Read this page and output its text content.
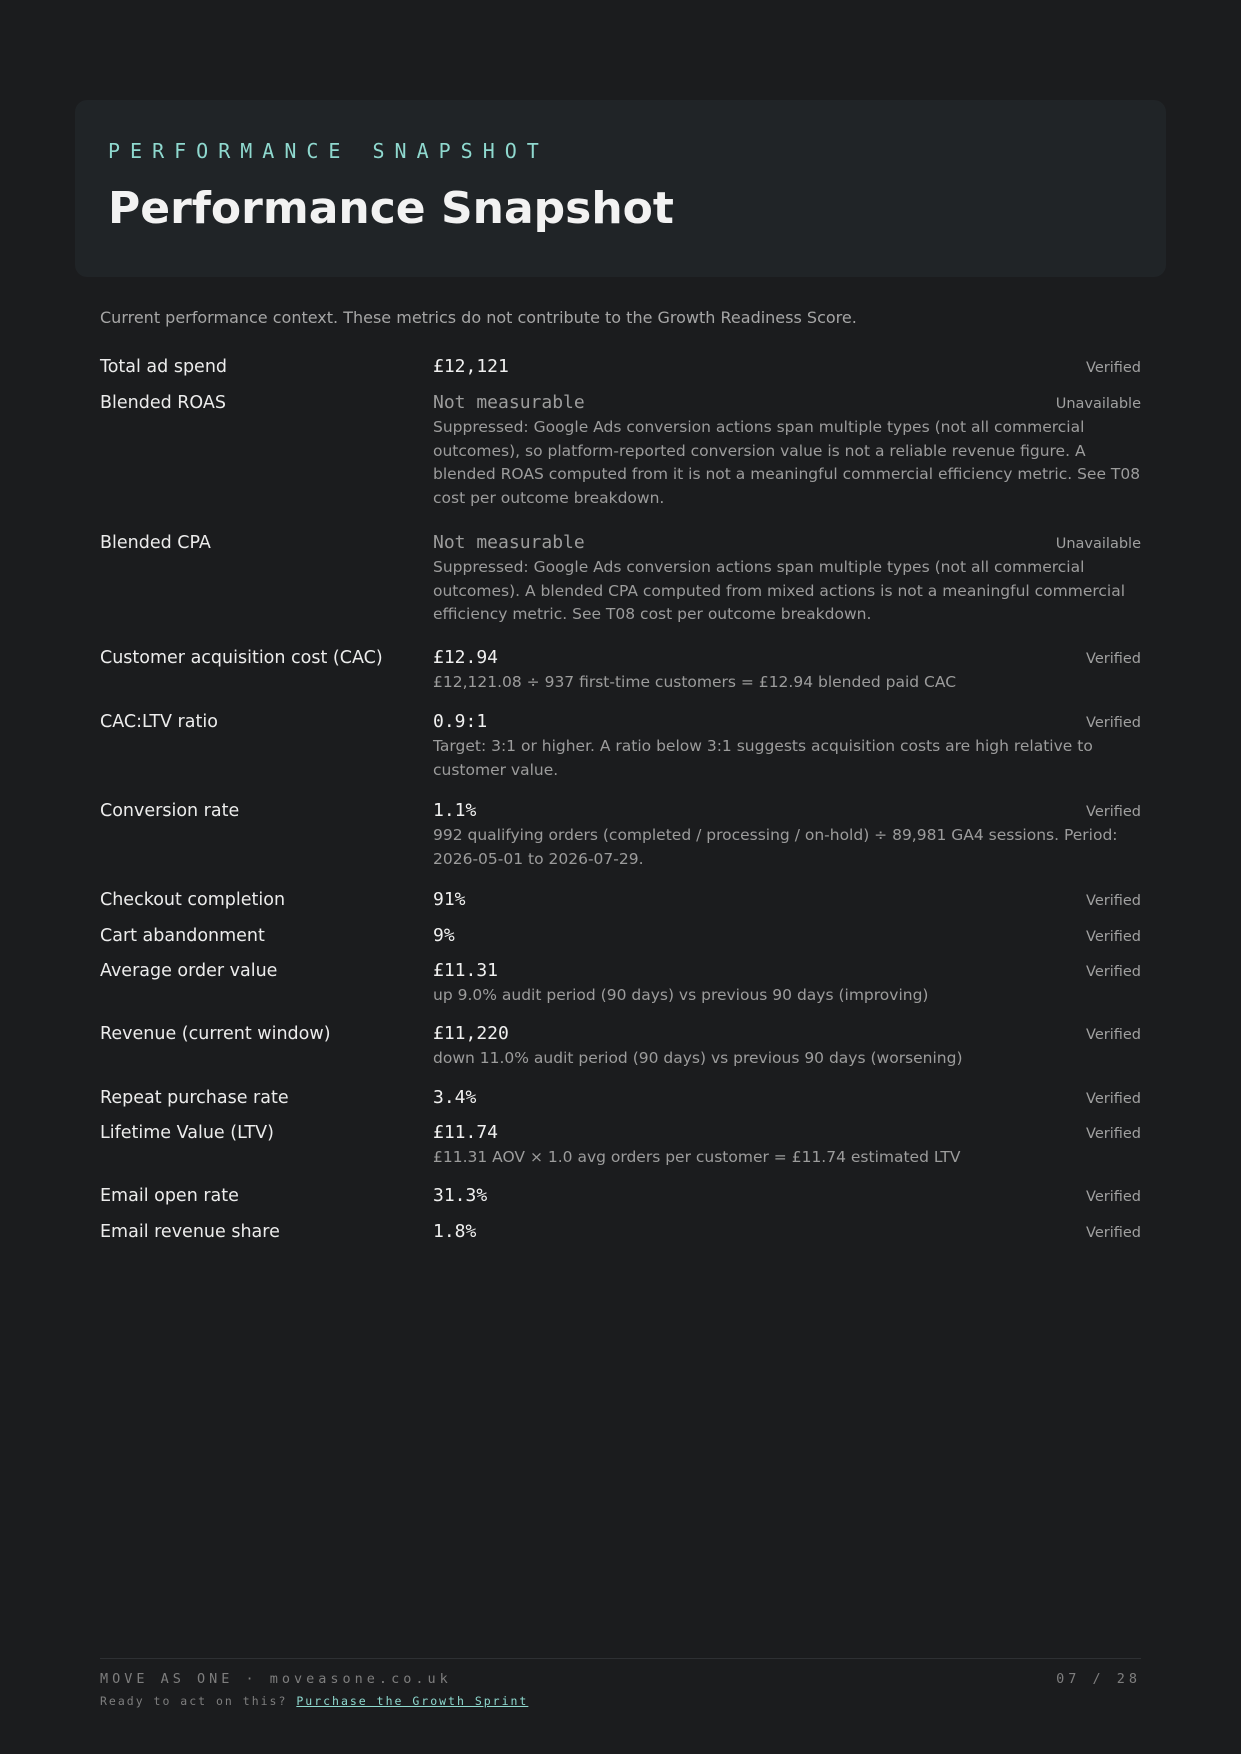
PERFORMANCE SNAPSHOT
Performance Snapshot
Current performance context. These metrics do not contribute to the Growth Readiness Score.
Total ad spend	£12,121	Verified
Blended ROAS	Not measurable	Unavailable
Suppressed: Google Ads conversion actions span multiple types (not all commercial outcomes), so platform-reported conversion value is not a reliable revenue figure. A blended ROAS computed from it is not a meaningful commercial efficiency metric. See T08 cost per outcome breakdown.
Blended CPA	Not measurable	Unavailable
Suppressed: Google Ads conversion actions span multiple types (not all commercial outcomes). A blended CPA computed from mixed actions is not a meaningful commercial efficiency metric. See T08 cost per outcome breakdown.
Customer acquisition cost (CAC)	£12.94	Verified
£12,121.08 ÷ 937 first-time customers = £12.94 blended paid CAC
CAC:LTV ratio	0.9:1	Verified
Target: 3:1 or higher. A ratio below 3:1 suggests acquisition costs are high relative to customer value.
Conversion rate	1.1%	Verified
992 qualifying orders (completed / processing / on-hold) ÷ 89,981 GA4 sessions. Period: 2026-05-01 to 2026-07-29.
Checkout completion	91%	Verified
Cart abandonment	9%	Verified
Average order value	£11.31	Verified
up 9.0% audit period (90 days) vs previous 90 days (improving)
Revenue (current window)	£11,220	Verified
down 11.0% audit period (90 days) vs previous 90 days (worsening)
Repeat purchase rate	3.4%	Verified
Lifetime Value (LTV)	£11.74	Verified
£11.31 AOV × 1.0 avg orders per customer = £11.74 estimated LTV
Email open rate	31.3%	Verified
Email revenue share	1.8%	Verified
MOVE AS ONE · moveasone.co.uk	07 / 28
Ready to act on this? Purchase the Growth Sprint
